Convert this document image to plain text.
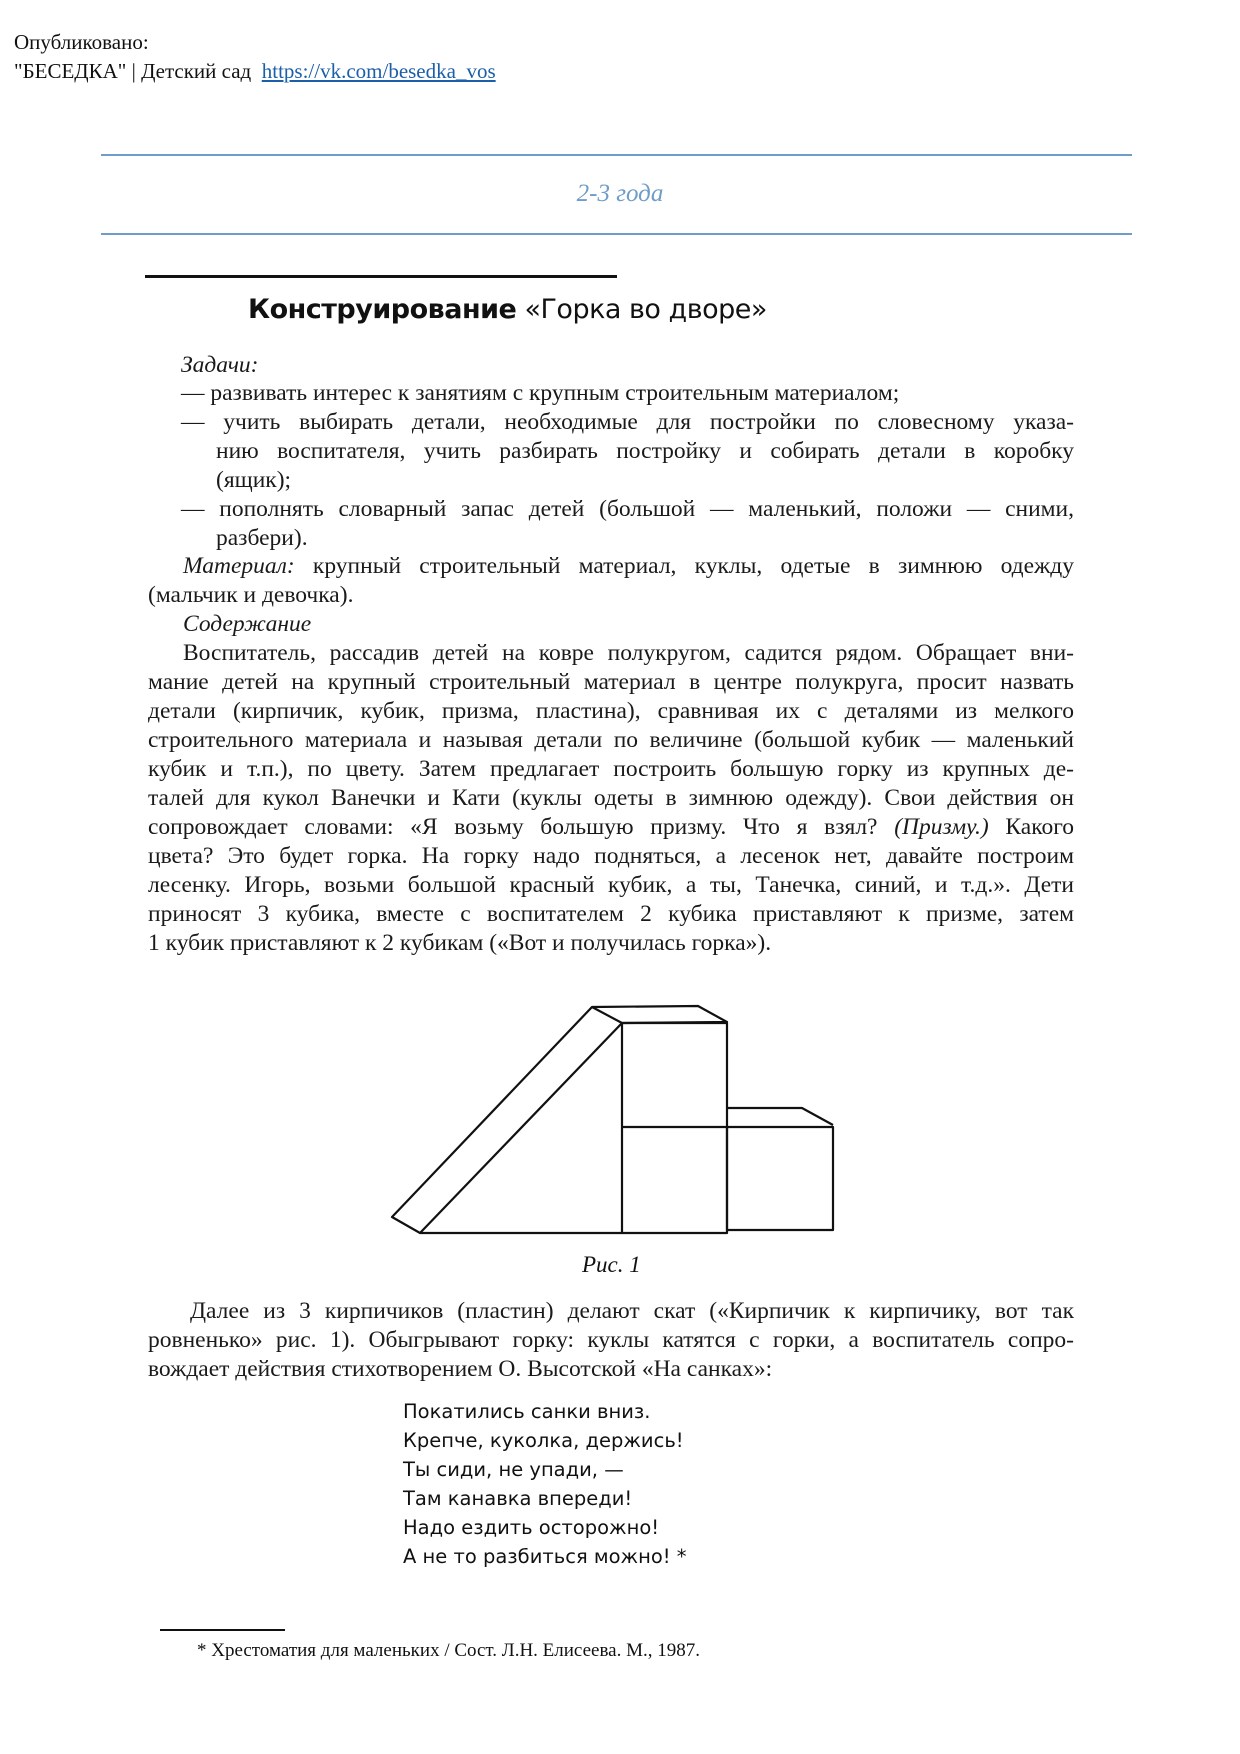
Опубликовано:
"БЕСЕДКА" | Детский сад https://vk.com/besedka_vos
2-3 года
Конструирование «Горка во дворе»
Задачи:
— развивать интерес к занятиям с крупным строительным материалом;
— учить выбирать детали, необходимые для постройки по словесному указа-
нию воспитателя, учить разбирать постройку и собирать детали в коробку
(ящик);
— пополнять словарный запас детей (большой — маленький, положи — сними,
разбери).
Материал: крупный строительный материал, куклы, одетые в зимнюю одежду
(мальчик и девочка).
Содержание
Воспитатель, рассадив детей на ковре полукругом, садится рядом. Обращает вни-
мание детей на крупный строительный материал в центре полукруга, просит назвать
детали (кирпичик, кубик, призма, пластина), сравнивая их с деталями из мелкого
строительного материала и называя детали по величине (большой кубик — маленький
кубик и т.п.), по цвету. Затем предлагает построить большую горку из крупных де-
талей для кукол Ванечки и Кати (куклы одеты в зимнюю одежду). Свои действия он
сопровождает словами: «Я возьму большую призму. Что я взял? (Призму.) Какого
цвета? Это будет горка. На горку надо подняться, а лесенок нет, давайте построим
лесенку. Игорь, возьми большой красный кубик, а ты, Танечка, синий, и т.д.». Дети
приносят 3 кубика, вместе с воспитателем 2 кубика приставляют к призме, затем
1 кубик приставляют к 2 кубикам («Вот и получилась горка»).
Рис. 1
Далее из 3 кирпичиков (пластин) делают скат («Кирпичик к кирпичику, вот так
ровненько» рис. 1). Обыгрывают горку: куклы катятся с горки, а воспитатель сопро-
вождает действия стихотворением О. Высотской «На санках»:
Покатились санки вниз.
Крепче, куколка, держись!
Ты сиди, не упади, —
Там канавка впереди!
Надо ездить осторожно!
А не то разбиться можно! *
* Хрестоматия для маленьких / Сост. Л.Н. Елисеева. М., 1987.
